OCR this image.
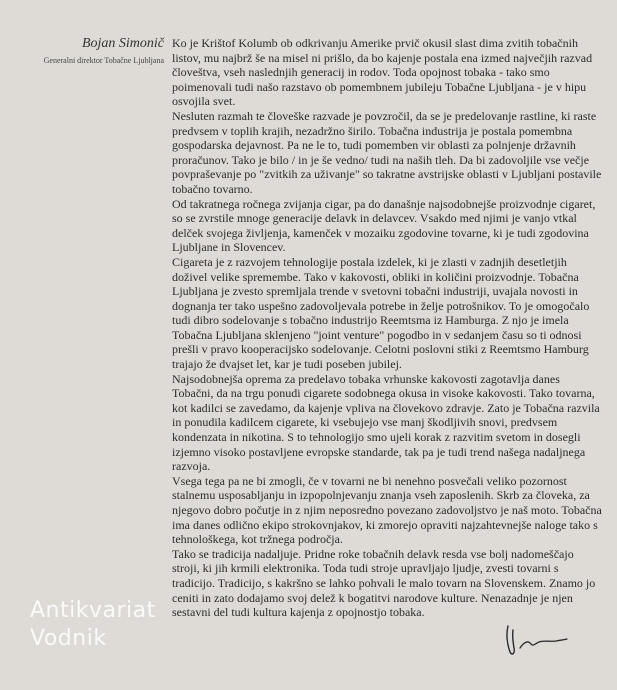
Bojan Simonič
Generalni direktor Tobačne Ljubljana

Ko je Krištof Kolumb ob odkrivanju Amerike prvič okusil slast dima zvitih tobačnih listov, mu najbrž še na misel ni prišlo, da bo kajenje postala ena izmed največjih razvad človeštva, vseh naslednjih generacij in rodov. Toda opojnost tobaka - tako smo poimenovali tudi našo razstavo ob pomembnem jubileju Tobačne Ljubljana - je v hipu osvojila svet.

Nesluten razmah te človeške razvade je povzročil, da se je predelovanje rastline, ki raste predvsem v toplih krajih, nezadržno širilo. Tobačna industrija je postala pomembna gospodarska dejavnost. Pa ne le to, tudi pomemben vir oblasti za polnjenje državnih proračunov. Tako je bilo / in je še vedno/ tudi na naših tleh. Da bi zadovoljile vse večje povpraševanje po "zvitkih za uživanje" so takratne avstrijske oblasti v Ljubljani postavile tobačno tovarno.

Od takratnega ročnega zvijanja cigar, pa do današnje najsodobnejše proizvodnje cigaret, so se zvrstile mnoge generacije delavk in delavcev. Vsakdo med njimi je vanjo vtkal delček svojega življenja, kamenček v mozaiku zgodovine tovarne, ki je tudi zgodovina Ljubljane in Slovencev.

Cigareta je z razvojem tehnologije postala izdelek, ki je zlasti v zadnjih desetletjih doživel velike spremembe. Tako v kakovosti, obliki in količini proizvodnje. Tobačna Ljubljana je zvesto spremljala trende v svetovni tobačni industriji, uvajala novosti in dognanja ter tako uspešno zadovoljevala potrebe in želje potrošnikov. To je omogočalo tudi dibro sodelovanje s tobačno industrijo Reemtsma iz Hamburga. Z njo je imela Tobačna Ljubljana sklenjeno "joint venture" pogodbo in v sedanjem času so ti odnosi prešli v pravo kooperacijsko sodelovanje. Celotni poslovni stiki z Reemtsmo Hamburg trajajo že dvajset let, kar je tudi poseben jubilej.

Najsodobnejša oprema za predelavo tobaka vrhunske kakovosti zagotavlja danes Tobačni, da na trgu ponudi cigarete sodobnega okusa in visoke kakovosti. Tako tovarna, kot kadilci se zavedamo, da kajenje vpliva na človekovo zdravje. Zato je Tobačna razvila in ponudila kadilcem cigarete, ki vsebujejo vse manj škodljivih snovi, predvsem kondenzata in nikotina. S to tehnologijo smo ujeli korak z razvitim svetom in dosegli izjemno visoko postavljene evropske standarde, tak pa je tudi trend našega nadaljnega razvoja.

Vsega tega pa ne bi zmogli, če v tovarni ne bi nenehno posvečali veliko pozornost stalnemu usposabljanju in izpopolnjevanju znanja vseh zaposlenih. Skrb za človeka, za njegovo dobro počutje in z njim neposredno povezano zadovoljstvo je naš moto. Tobačna ima danes odlično ekipo strokovnjakov, ki zmorejo opraviti najzahtevnejše naloge tako s tehnološkega, kot tržnega področja.

Tako se tradicija nadaljuje. Pridne roke tobačnih delavk resda vse bolj nadomeščajo stroji, ki jih krmili elektronika. Toda tudi stroje upravljajo ljudje, zvesti tovarni s tradicijo. Tradicijo, s kakršno se lahko pohvali le malo tovarn na Slovenskem. Znamo jo ceniti in zato dodajamo svoj delež k bogatitvi narodove kulture. Nenazadnje je njen sestavni del tudi kultura kajenja z opojnostjo tobaka.

Antikvariat
Vodnik
